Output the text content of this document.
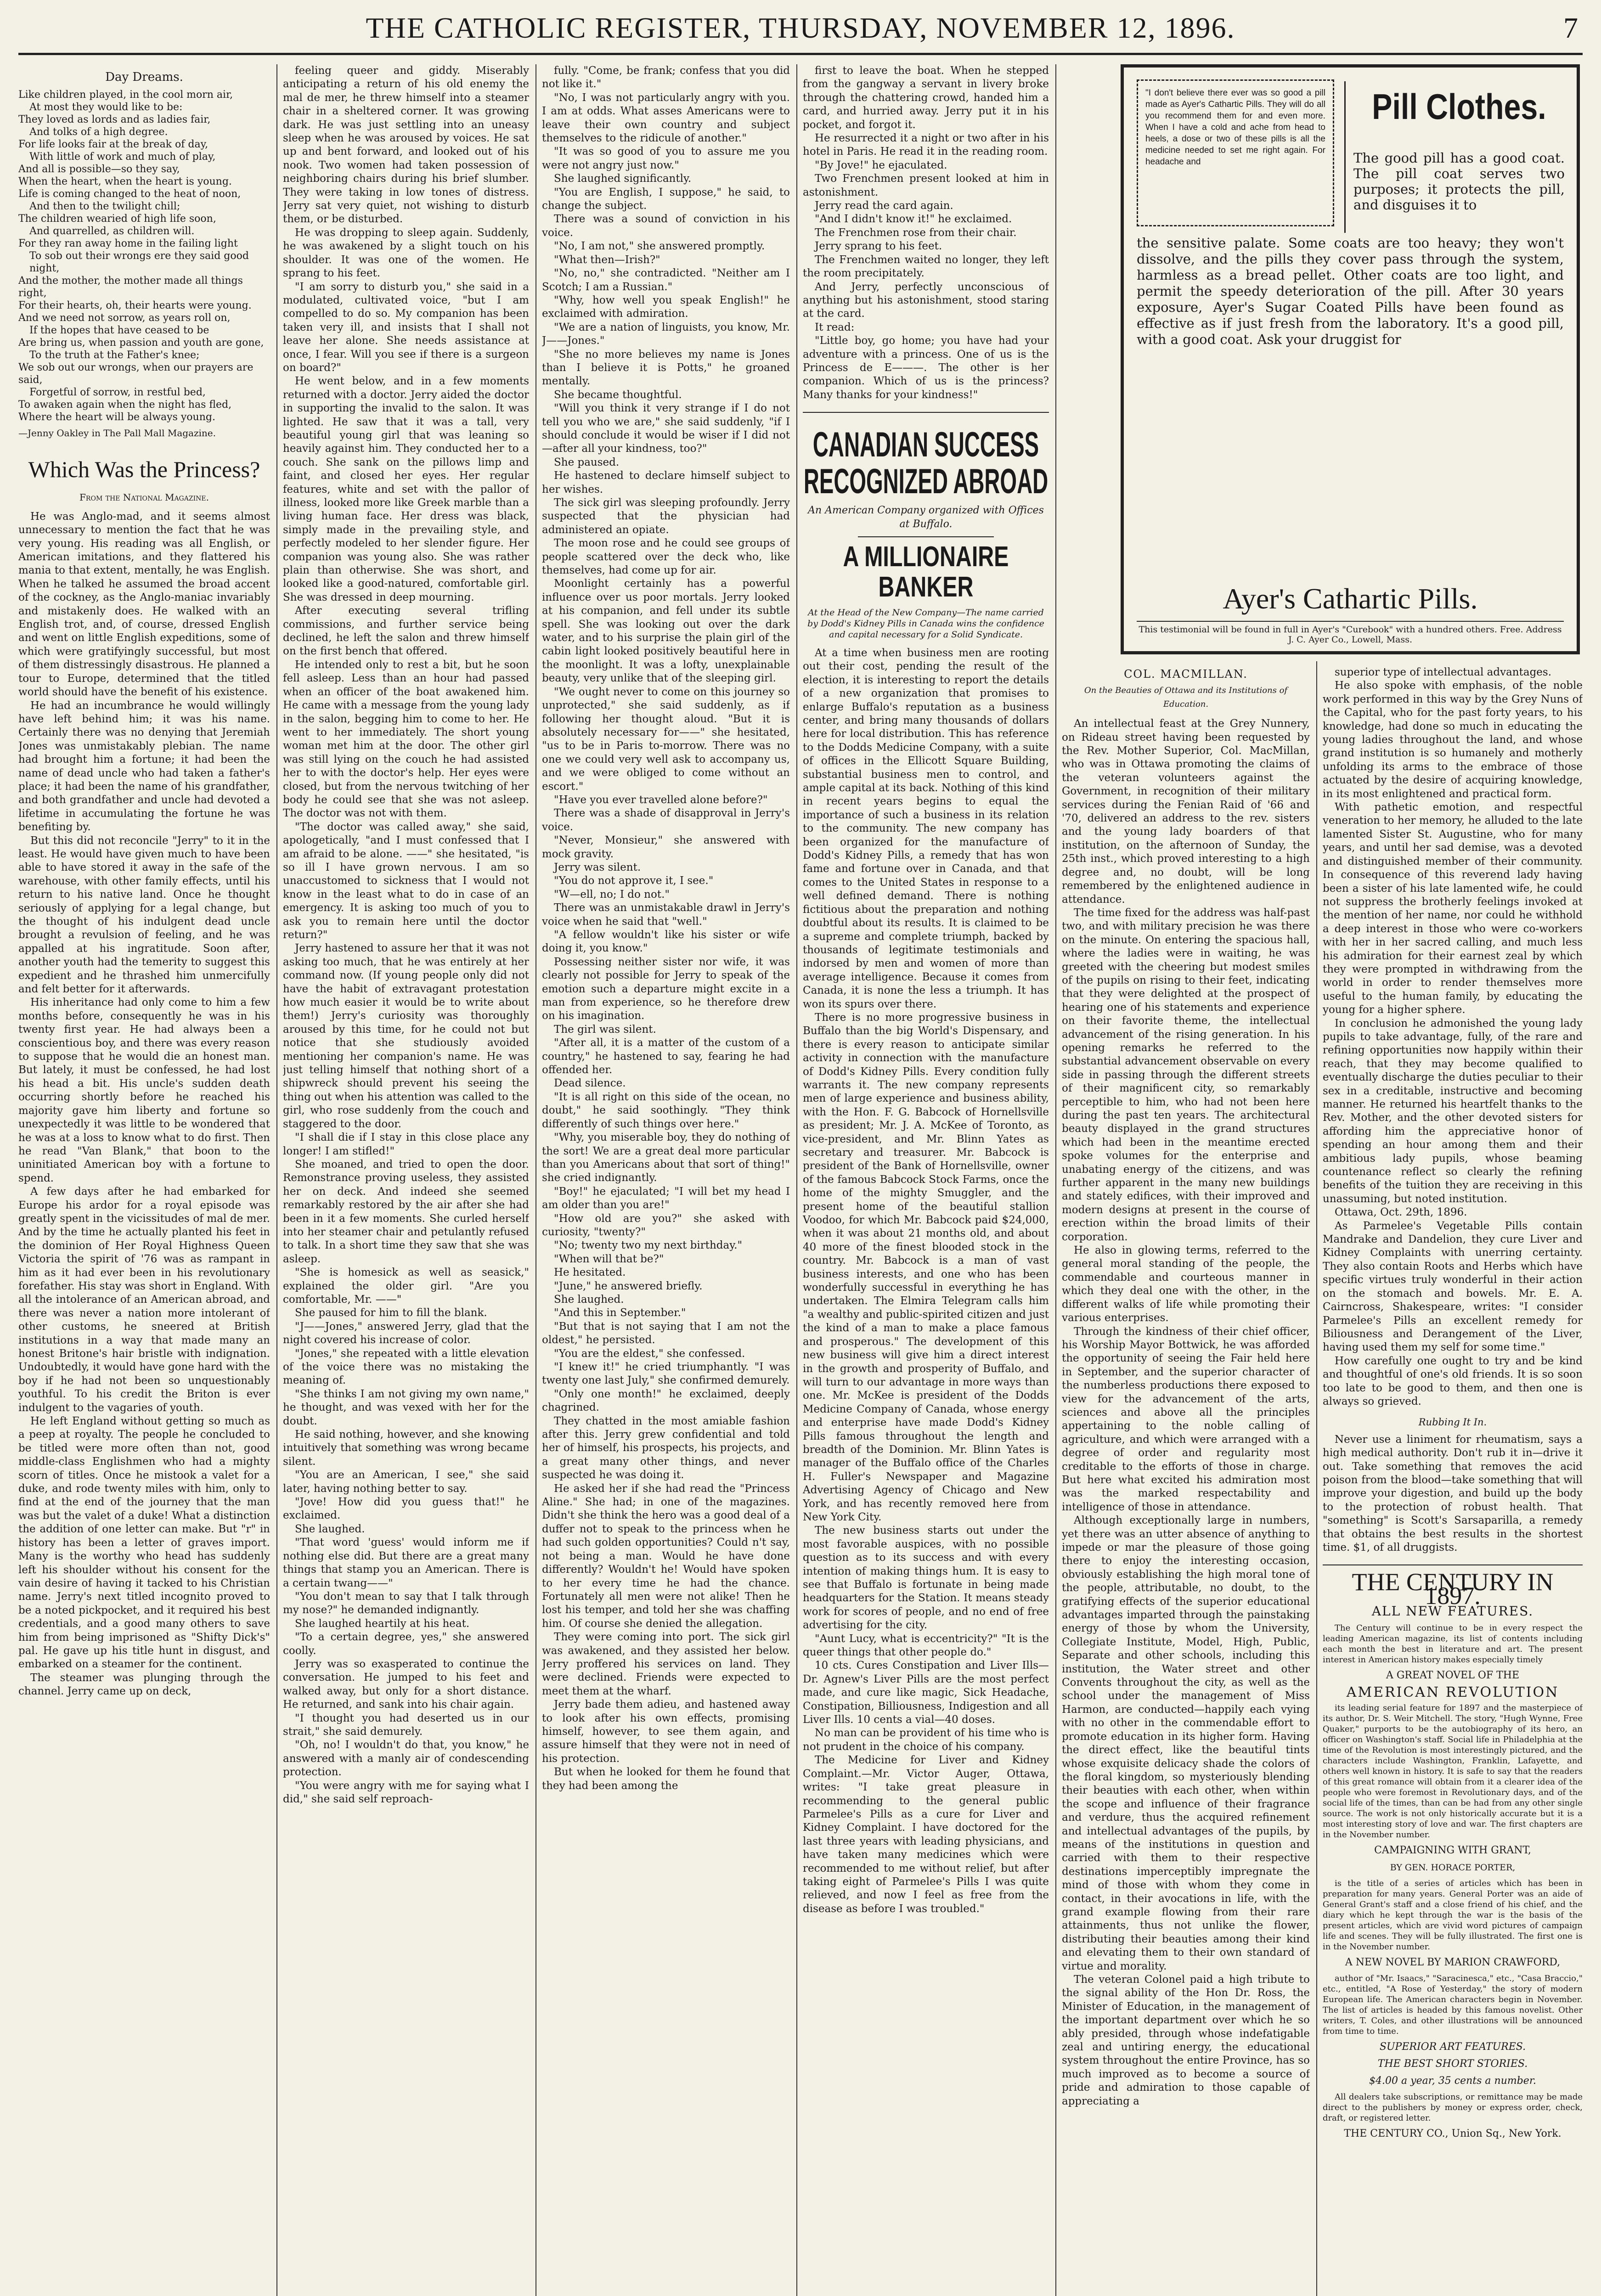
THE CATHOLIC REGISTER, THURSDAY, NOVEMBER 12, 1896.	7
Day Dreams.

Like children played, in the cool morn air,

At most they would like to be:

They loved as lords and as ladies fair,

And tolks of a high degree.

For life looks fair at the break of day,

With little of work and much of play,

And all is possible—so they say,

When the heart, when the heart is young.

Life is coming changed to the heat of noon,

And then to the twilight chill;

The children wearied of high life soon,

And quarrelled, as children will.

For they ran away home in the failing light

To sob out their wrongs ere they said good night,

And the mother, the mother made all things right,

For their hearts, oh, their hearts were young.

And we need not sorrow, as years roll on,

If the hopes that have ceased to be

Are bring us, when passion and youth are gone,

To the truth at the Father's knee;

We sob out our wrongs, when our prayers are said,

Forgetful of sorrow, in restful bed,

To awaken again when the night has fled,

Where the heart will be always young.

—Jenny Oakley in The Pall Mall Magazine.

Which Was the Princess?
From the National Magazine.

He was Anglo-mad, and it seems almost unnecessary to mention the fact that he was very young. His reading was all English, or American imitations, and they flattered his mania to that extent, mentally, he was English. When he talked he assumed the broad accent of the cockney, as the Anglo-maniac invariably and mistakenly does. He walked with an English trot, and, of course, dressed English and went on little English expeditions, some of which were gratifyingly successful, but most of them distressingly disastrous. He planned a tour to Europe, determined that the titled world should have the benefit of his existence.

He had an incumbrance he would willingly have left behind him; it was his name. Certainly there was no denying that Jeremiah Jones was unmistakably plebian. The name had brought him a fortune; it had been the name of dead uncle who had taken a father's place; it had been the name of his grandfather, and both grandfather and uncle had devoted a lifetime in accumulating the fortune he was benefiting by.

But this did not reconcile "Jerry" to it in the least. He would have given much to have been able to have stored it away in the safe of the warehouse, with other family effects, until his return to his native land. Once he thought seriously of applying for a legal change, but the thought of his indulgent dead uncle brought a revulsion of feeling, and he was appalled at his ingratitude. Soon after, another youth had the temerity to suggest this expedient and he thrashed him unmercifully and felt better for it afterwards.

His inheritance had only come to him a few months before, consequently he was in his twenty first year. He had always been a conscientious boy, and there was every reason to suppose that he would die an honest man. But lately, it must be confessed, he had lost his head a bit. His uncle's sudden death occurring shortly before he reached his majority gave him liberty and fortune so unexpectedly it was little to be wondered that he was at a loss to know what to do first. Then he read "Van Blank," that boon to the uninitiated American boy with a fortune to spend.

A few days after he had embarked for Europe his ardor for a royal episode was greatly spent in the vicissitudes of mal de mer. And by the time he actually planted his feet in the dominion of Her Royal Highness Queen Victoria the spirit of '76 was as rampant in him as it had ever been in his revolutionary forefather. His stay was short in England. With all the intolerance of an American abroad, and there was never a nation more intolerant of other customs, he sneered at British institutions in a way that made many an honest Britone's hair bristle with indignation. Undoubtedly, it would have gone hard with the boy if he had not been so unquestionably youthful. To his credit the Briton is ever indulgent to the vagaries of youth.

He left England without getting so much as a peep at royalty. The people he concluded to be titled were more often than not, good middle-class Englishmen who had a mighty scorn of titles. Once he mistook a valet for a duke, and rode twenty miles with him, only to find at the end of the journey that the man was but the valet of a duke! What a distinction the addition of one letter can make. But "r" in history has been a letter of graves import. Many is the worthy who head has suddenly left his shoulder without his consent for the vain desire of having it tacked to his Christian name. Jerry's next titled incognito proved to be a noted pickpocket, and it required his best credentials, and a good many others to save him from being imprisoned as "Shifty Dick's" pal. He gave up his title hunt in disgust, and embarked on a steamer for the continent.

The steamer was plunging through the channel. Jerry came up on deck,

feeling queer and giddy. Miserably anticipating a return of his old enemy the mal de mer, he threw himself into a steamer chair in a sheltered corner. It was growing dark. He was just settling into an uneasy sleep when he was aroused by voices. He sat up and bent forward, and looked out of his nook. Two women had taken possession of neighboring chairs during his brief slumber. They were taking in low tones of distress. Jerry sat very quiet, not wishing to disturb them, or be disturbed.

He was dropping to sleep again. Suddenly, he was awakened by a slight touch on his shoulder. It was one of the women. He sprang to his feet.

"I am sorry to disturb you," she said in a modulated, cultivated voice, "but I am compelled to do so. My companion has been taken very ill, and insists that I shall not leave her alone. She needs assistance at once, I fear. Will you see if there is a surgeon on board?"

He went below, and in a few moments returned with a doctor. Jerry aided the doctor in supporting the invalid to the salon. It was lighted. He saw that it was a tall, very beautiful young girl that was leaning so heavily against him. They conducted her to a couch. She sank on the pillows limp and faint, and closed her eyes. Her regular features, white and set with the pallor of illness, looked more like Greek marble than a living human face. Her dress was black, simply made in the prevailing style, and perfectly modeled to her slender figure. Her companion was young also. She was rather plain than otherwise. She was short, and looked like a good-natured, comfortable girl. She was dressed in deep mourning.

After executing several trifling commissions, and further service being declined, he left the salon and threw himself on the first bench that offered.

He intended only to rest a bit, but he soon fell asleep. Less than an hour had passed when an officer of the boat awakened him. He came with a message from the young lady in the salon, begging him to come to her. He went to her immediately. The short young woman met him at the door. The other girl was still lying on the couch he had assisted her to with the doctor's help. Her eyes were closed, but from the nervous twitching of her body he could see that she was not asleep. The doctor was not with them.

"The doctor was called away," she said, apologetically, "and I must confessed that I am afraid to be alone. ——" she hesitated, "is so ill I have grown nervous. I am so unaccustomed to sickness that I would not know in the least what to do in case of an emergency. It is asking too much of you to ask you to remain here until the doctor return?"

Jerry hastened to assure her that it was not asking too much, that he was entirely at her command now. (If young people only did not have the habit of extravagant protestation how much easier it would be to write about them!) Jerry's curiosity was thoroughly aroused by this time, for he could not but notice that she studiously avoided mentioning her companion's name. He was just telling himself that nothing short of a shipwreck should prevent his seeing the thing out when his attention was called to the girl, who rose suddenly from the couch and staggered to the door.

"I shall die if I stay in this close place any longer! I am stifled!"

She moaned, and tried to open the door. Remonstrance proving useless, they assisted her on deck. And indeed she seemed remarkably restored by the air after she had been in it a few moments. She curled herself into her steamer chair and petulantly refused to talk. In a short time they saw that she was asleep.

"She is homesick as well as seasick," explained the older girl. "Are you comfortable, Mr. ——"

She paused for him to fill the blank.

"J——Jones," answered Jerry, glad that the night covered his increase of color.

"Jones," she repeated with a little elevation of the voice there was no mistaking the meaning of.

"She thinks I am not giving my own name," he thought, and was vexed with her for the doubt.

He said nothing, however, and she knowing intuitively that something was wrong became silent.

"You are an American, I see," she said later, having nothing better to say.

"Jove! How did you guess that!" he exclaimed.

She laughed.

"That word 'guess' would inform me if nothing else did. But there are a great many things that stamp you an American. There is a certain twang——"

"You don't mean to say that I talk through my nose?" he demanded indignantly.

She laughed heartily at his heat.

"To a certain degree, yes," she answered coolly.

Jerry was so exasperated to continue the conversation. He jumped to his feet and walked away, but only for a short distance. He returned, and sank into his chair again.

"I thought you had deserted us in our strait," she said demurely.

"Oh, no! I wouldn't do that, you know," he answered with a manly air of condescending protection.

"You were angry with me for saying what I did," she said self reproach-

fully. "Come, be frank; confess that you did not like it."

"No, I was not particularly angry with you. I am at odds. What asses Americans were to leave their own country and subject themselves to the ridicule of another."

"It was so good of you to assure me you were not angry just now."

She laughed significantly.

"You are English, I suppose," he said, to change the subject.

There was a sound of conviction in his voice.

"No, I am not," she answered promptly.

"What then—Irish?"

"No, no," she contradicted. "Neither am I Scotch; I am a Russian."

"Why, how well you speak English!" he exclaimed with admiration.

"We are a nation of linguists, you know, Mr. J——Jones."

"She no more believes my name is Jones than I believe it is Potts," he groaned mentally.

She became thoughtful.

"Will you think it very strange if I do not tell you who we are," she said suddenly, "if I should conclude it would be wiser if I did not—after all your kindness, too?"

She paused.

He hastened to declare himself subject to her wishes.

The sick girl was sleeping profoundly. Jerry suspected that the physician had administered an opiate.

The moon rose and he could see groups of people scattered over the deck who, like themselves, had come up for air.

Moonlight certainly has a powerful influence over us poor mortals. Jerry looked at his companion, and fell under its subtle spell. She was looking out over the dark water, and to his surprise the plain girl of the cabin light looked positively beautiful here in the moonlight. It was a lofty, unexplainable beauty, very unlike that of the sleeping girl.

"We ought never to come on this journey so unprotected," she said suddenly, as if following her thought aloud. "But it is absolutely necessary for——" she hesitated, "us to be in Paris to-morrow. There was no one we could very well ask to accompany us, and we were obliged to come without an escort."

"Have you ever travelled alone before?"

There was a shade of disapproval in Jerry's voice.

"Never, Monsieur," she answered with mock gravity.

Jerry was silent.

"You do not approve it, I see."

"W—ell, no; I do not."

There was an unmistakable drawl in Jerry's voice when he said that "well."

"A fellow wouldn't like his sister or wife doing it, you know."

Possessing neither sister nor wife, it was clearly not possible for Jerry to speak of the emotion such a departure might excite in a man from experience, so he therefore drew on his imagination.

The girl was silent.

"After all, it is a matter of the custom of a country," he hastened to say, fearing he had offended her.

Dead silence.

"It is all right on this side of the ocean, no doubt," he said soothingly. "They think differently of such things over here."

"Why, you miserable boy, they do nothing of the sort! We are a great deal more particular than you Americans about that sort of thing!" she cried indignantly.

"Boy!" he ejaculated; "I will bet my head I am older than you are!"

"How old are you?" she asked with curiosity, "twenty?"

"No; twenty two my next birthday."

"When will that be?"

He hesitated.

"June," he answered briefly.

She laughed.

"And this in September."

"But that is not saying that I am not the oldest," he persisted.

"You are the eldest," she confessed.

"I knew it!" he cried triumphantly. "I was twenty one last July," she confirmed demurely.

"Only one month!" he exclaimed, deeply chagrined.

They chatted in the most amiable fashion after this. Jerry grew confidential and told her of himself, his prospects, his projects, and a great many other things, and never suspected he was doing it.

He asked her if she had read the "Princess Aline." She had; in one of the magazines. Didn't she think the hero was a good deal of a duffer not to speak to the princess when he had such golden opportunities? Could n't say, not being a man. Would he have done differently? Wouldn't he! Would have spoken to her every time he had the chance. Fortunately all men were not alike! Then he lost his temper, and told her she was chaffing him. Of course she denied the allegation.

They were coming into port. The sick girl was awakened, and they assisted her below. Jerry proffered his services on land. They were declined. Friends were expected to meet them at the wharf.

Jerry bade them adieu, and hastened away to look after his own effects, promising himself, however, to see them again, and assure himself that they were not in need of his protection.

But when he looked for them he found that they had been among the

first to leave the boat. When he stepped from the gangway a servant in livery broke through the chattering crowd, handed him a card, and hurried away. Jerry put it in his pocket, and forgot it.

He resurrected it a night or two after in his hotel in Paris. He read it in the reading room.

"By Jove!" he ejaculated.

Two Frenchmen present looked at him in astonishment.

Jerry read the card again.

"And I didn't know it!" he exclaimed.

The Frenchmen rose from their chair.

Jerry sprang to his feet.

The Frenchmen waited no longer, they left the room precipitately.

And Jerry, perfectly unconscious of anything but his astonishment, stood staring at the card.

It read:

"Little boy, go home; you have had your adventure with a princess. One of us is the Princess de E———. The other is her companion. Which of us is the princess? Many thanks for your kindness!"

CANADIAN SUCCESS RECOGNIZED ABROAD
An American Company organized with Offices at Buffalo.
A MILLIONAIRE BANKER
At the Head of the New Company—The name carried by Dodd's Kidney Pills in Canada wins the confidence and capital necessary for a Solid Syndicate.

At a time when business men are rooting out their cost, pending the result of the election, it is interesting to report the details of a new organization that promises to enlarge Buffalo's reputation as a business center, and bring many thousands of dollars here for local distribution. This has reference to the Dodds Medicine Company, with a suite of offices in the Ellicott Square Building, substantial business men to control, and ample capital at its back. Nothing of this kind in recent years begins to equal the importance of such a business in its relation to the community. The new company has been organized for the manufacture of Dodd's Kidney Pills, a remedy that has won fame and fortune over in Canada, and that comes to the United States in response to a well defined demand. There is nothing fictitious about the preparation and nothing doubtful about its results. It is claimed to be a supreme and complete triumph, backed by thousands of legitimate testimonials and indorsed by men and women of more than average intelligence. Because it comes from Canada, it is none the less a triumph. It has won its spurs over there.

There is no more progressive business in Buffalo than the big World's Dispensary, and there is every reason to anticipate similar activity in connection with the manufacture of Dodd's Kidney Pills. Every condition fully warrants it. The new company represents men of large experience and business ability, with the Hon. F. G. Babcock of Hornellsville as president; Mr. J. A. McKee of Toronto, as vice-president, and Mr. Blinn Yates as secretary and treasurer. Mr. Babcock is president of the Bank of Hornellsville, owner of the famous Babcock Stock Farms, once the home of the mighty Smuggler, and the present home of the beautiful stallion Voodoo, for which Mr. Babcock paid $24,000, when it was about 21 months old, and about 40 more of the finest blooded stock in the country. Mr. Babcock is a man of vast business interests, and one who has been wonderfully successful in everything he has undertaken. The Elmira Telegram calls him "a wealthy and public-spirited citizen and just the kind of a man to make a place famous and prosperous." The development of this new business will give him a direct interest in the growth and prosperity of Buffalo, and will turn to our advantage in more ways than one. Mr. McKee is president of the Dodds Medicine Company of Canada, whose energy and enterprise have made Dodd's Kidney Pills famous throughout the length and breadth of the Dominion. Mr. Blinn Yates is manager of the Buffalo office of the Charles H. Fuller's Newspaper and Magazine Advertising Agency of Chicago and New York, and has recently removed here from New York City.

The new business starts out under the most favorable auspices, with no possible question as to its success and with every intention of making things hum. It is easy to see that Buffalo is fortunate in being made headquarters for the Station. It means steady work for scores of people, and no end of free advertising for the city.

"Aunt Lucy, what is eccentricity?" "It is the queer things that other people do."

10 cts. Cures Constipation and Liver Ills—Dr. Agnew's Liver Pills are the most perfect made, and cure like magic, Sick Headache, Constipation, Billiousness, Indigestion and all Liver Ills. 10 cents a vial—40 doses.

No man can be provident of his time who is not prudent in the choice of his company.

The Medicine for Liver and Kidney Complaint.—Mr. Victor Auger, Ottawa, writes: "I take great pleasure in recommending to the general public Parmelee's Pills as a cure for Liver and Kidney Complaint. I have doctored for the last three years with leading physicians, and have taken many medicines which were recommended to me without relief, but after taking eight of Parmelee's Pills I was quite relieved, and now I feel as free from the disease as before I was troubled."

"I don't believe there ever was so good a pill made as Ayer's Cathartic Pills. They will do all you recommend them for and even more. When I have a cold and ache from head to heels, a dose or two of these pills is all the medicine needed to set me right again. For headache and
Pill Clothes.
The good pill has a good coat. The pill coat serves two purposes; it protects the pill, and disguises it to
the sensitive palate. Some coats are too heavy; they won't dissolve, and the pills they cover pass through the system, harmless as a bread pellet. Other coats are too light, and permit the speedy deterioration of the pill. After 30 years exposure, Ayer's Sugar Coated Pills have been found as effective as if just fresh from the laboratory. It's a good pill, with a good coat. Ask your druggist for
Ayer's Cathartic Pills.
This testimonial will be found in full in Ayer's "Curebook" with a hundred others. Free. Address J. C. Ayer Co., Lowell, Mass.
COL. MACMILLAN.
On the Beauties of Ottawa and its Institutions of Education.

An intellectual feast at the Grey Nunnery, on Rideau street having been requested by the Rev. Mother Superior, Col. MacMillan, who was in Ottawa promoting the claims of the veteran volunteers against the Government, in recognition of their military services during the Fenian Raid of '66 and '70, delivered an address to the rev. sisters and the young lady boarders of that institution, on the afternoon of Sunday, the 25th inst., which proved interesting to a high degree and, no doubt, will be long remembered by the enlightened audience in attendance.

The time fixed for the address was half-past two, and with military precision he was there on the minute. On entering the spacious hall, where the ladies were in waiting, he was greeted with the cheering but modest smiles of the pupils on rising to their feet, indicating that they were delighted at the prospect of hearing one of his statements and experience on their favorite theme, the intellectual advancement of the rising generation. In his opening remarks he referred to the substantial advancement observable on every side in passing through the different streets of their magnificent city, so remarkably perceptible to him, who had not been here during the past ten years. The architectural beauty displayed in the grand structures which had been in the meantime erected spoke volumes for the enterprise and unabating energy of the citizens, and was further apparent in the many new buildings and stately edifices, with their improved and modern designs at present in the course of erection within the broad limits of their corporation.

He also in glowing terms, referred to the general moral standing of the people, the commendable and courteous manner in which they deal one with the other, in the different walks of life while promoting their various enterprises.

Through the kindness of their chief officer, his Worship Mayor Bottwick, he was afforded the opportunity of seeing the Fair held here in September, and the superior character of the numberless productions there exposed to view for the advancement of the arts, sciences and above all the principles appertaining to the noble calling of agriculture, and which were arranged with a degree of order and regularity most creditable to the efforts of those in charge. But here what excited his admiration most was the marked respectability and intelligence of those in attendance.

Although exceptionally large in numbers, yet there was an utter absence of anything to impede or mar the pleasure of those going there to enjoy the interesting occasion, obviously establishing the high moral tone of the people, attributable, no doubt, to the gratifying effects of the superior educational advantages imparted through the painstaking energy of those by whom the University, Collegiate Institute, Model, High, Public, Separate and other schools, including this institution, the Water street and other Convents throughout the city, as well as the school under the management of Miss Harmon, are conducted—happily each vying with no other in the commendable effort to promote education in its higher form. Having the direct effect, like the beautiful tints whose exquisite delicacy shade the colors of the floral kingdom, so mysteriously blending their beauties with each other, when within the scope and influence of their fragrance and verdure, thus the acquired refinement and intellectual advantages of the pupils, by means of the institutions in question and carried with them to their respective destinations imperceptibly impregnate the mind of those with whom they come in contact, in their avocations in life, with the grand example flowing from their rare attainments, thus not unlike the flower, distributing their beauties among their kind and elevating them to their own standard of virtue and morality.

The veteran Colonel paid a high tribute to the signal ability of the Hon Dr. Ross, the Minister of Education, in the management of the important department over which he so ably presided, through whose indefatigable zeal and untiring energy, the educational system throughout the entire Province, has so much improved as to become a source of pride and admiration to those capable of appreciating a

superior type of intellectual advantages.

He also spoke with emphasis, of the noble work performed in this way by the Grey Nuns of the Capital, who for the past forty years, to his knowledge, had done so much in educating the young ladies throughout the land, and whose grand institution is so humanely and motherly unfolding its arms to the embrace of those actuated by the desire of acquiring knowledge, in its most enlightened and practical form.

With pathetic emotion, and respectful veneration to her memory, he alluded to the late lamented Sister St. Augustine, who for many years, and until her sad demise, was a devoted and distinguished member of their community. In consequence of this reverend lady having been a sister of his late lamented wife, he could not suppress the brotherly feelings invoked at the mention of her name, nor could he withhold a deep interest in those who were co-workers with her in her sacred calling, and much less his admiration for their earnest zeal by which they were prompted in withdrawing from the world in order to render themselves more useful to the human family, by educating the young for a higher sphere.

In conclusion he admonished the young lady pupils to take advantage, fully, of the rare and refining opportunities now happily within their reach, that they may become qualified to eventually discharge the duties peculiar to their sex in a creditable, instructive and becoming manner. He returned his heartfelt thanks to the Rev. Mother, and the other devoted sisters for affording him the appreciative honor of spending an hour among them and their ambitious lady pupils, whose beaming countenance reflect so clearly the refining benefits of the tuition they are receiving in this unassuming, but noted institution.

Ottawa, Oct. 29th, 1896.

As Parmelee's Vegetable Pills contain Mandrake and Dandelion, they cure Liver and Kidney Complaints with unerring certainty. They also contain Roots and Herbs which have specific virtues truly wonderful in their action on the stomach and bowels. Mr. E. A. Cairncross, Shakespeare, writes: "I consider Parmelee's Pills an excellent remedy for Biliousness and Derangement of the Liver, having used them my self for some time."

How carefully one ought to try and be kind and thoughtful of one's old friends. It is so soon too late to be good to them, and then one is always so grieved.

Rubbing It In.

Never use a liniment for rheumatism, says a high medical authority. Don't rub it in—drive it out. Take something that removes the acid poison from the blood—take something that will improve your digestion, and build up the body to the protection of robust health. That "something" is Scott's Sarsaparilla, a remedy that obtains the best results in the shortest time. $1, of all druggists.

THE CENTURY IN 1897.
ALL NEW FEATURES.

The Century will continue to be in every respect the leading American magazine, its list of contents including each month the best in literature and art. The present interest in American history makes especially timely

A GREAT NOVEL OF THE
AMERICAN REVOLUTION

its leading serial feature for 1897 and the masterpiece of its author, Dr. S. Weir Mitchell. The story, "Hugh Wynne, Free Quaker," purports to be the autobiography of its hero, an officer on Washington's staff. Social life in Philadelphia at the time of the Revolution is most interestingly pictured, and the characters include Washington, Franklin, Lafayette, and others well known in history. It is safe to say that the readers of this great romance will obtain from it a clearer idea of the people who were foremost in Revolutionary days, and of the social life of the times, than can be had from any other single source. The work is not only historically accurate but it is a most interesting story of love and war. The first chapters are in the November number.

CAMPAIGNING WITH GRANT,
BY GEN. HORACE PORTER,

is the title of a series of articles which has been in preparation for many years. General Porter was an aide of General Grant's staff and a close friend of his chief, and the diary which he kept through the war is the basis of the present articles, which are vivid word pictures of campaign life and scenes. They will be fully illustrated. The first one is in the November number.

A NEW NOVEL BY MARION CRAWFORD,

author of "Mr. Isaacs," "Saracinesca," etc., "Casa Braccio," etc., entitled, "A Rose of Yesterday," the story of modern European life. The American characters begin in November. The list of articles is headed by this famous novelist. Other writers, T. Coles, and other illustrations will be announced from time to time.

SUPERIOR ART FEATURES.
THE BEST SHORT STORIES.
$4.00 a year, 35 cents a number.

All dealers take subscriptions, or remittance may be made direct to the publishers by money or express order, check, draft, or registered letter.

THE CENTURY CO., Union Sq., New York.
